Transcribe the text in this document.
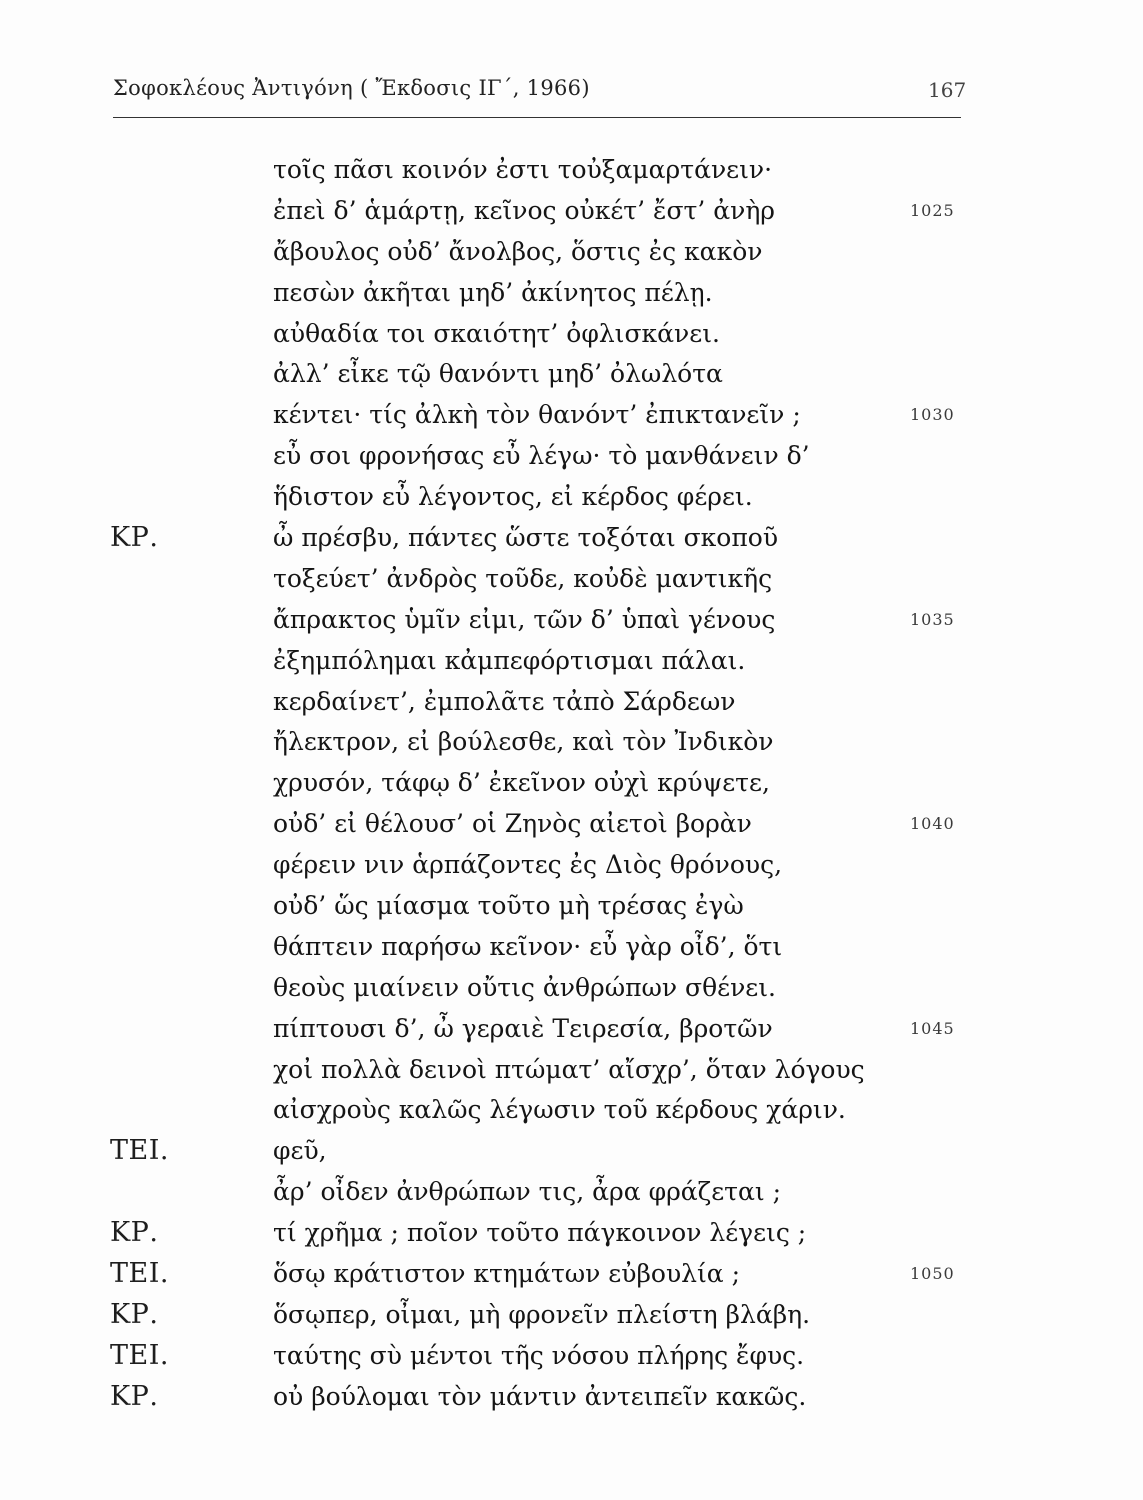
Σοφοκλέους Ἀντιγόνη ( Ἔκδοσις ΙΓ΄, 1966)	167
τοῖς πᾶσι κοινόν ἐστι τοὐξαμαρτάνειν·
ἐπεὶ δ’ ἁμάρτῃ, κεῖνος οὐκέτ’ ἔστ’ ἀνὴρ	1025
ἄβουλος οὐδ’ ἄνολβος, ὅστις ἐς κακὸν
πεσὼν ἀκῆται μηδ’ ἀκίνητος πέλῃ.
αὐθαδία τοι σκαιότητ’ ὀφλισκάνει.
ἀλλ’ εἶκε τῷ θανόντι μηδ’ ὀλωλότα
κέντει· τίς ἀλκὴ τὸν θανόντ’ ἐπικτανεῖν ;	1030
εὖ σοι φρονήσας εὖ λέγω· τὸ μανθάνειν δ’
ἥδιστον εὖ λέγοντος, εἰ κέρδος φέρει.
ΚΡ.	ὦ πρέσβυ, πάντες ὥστε τοξόται σκοποῦ
τοξεύετ’ ἀνδρὸς τοῦδε, κοὐδὲ μαντικῆς
ἄπρακτος ὑμῖν εἰμι, τῶν δ’ ὑπαὶ γένους	1035
ἐξημπόλημαι κἀμπεφόρτισμαι πάλαι.
κερδαίνετ’, ἐμπολᾶτε τἀπὸ Σάρδεων
ἤλεκτρον, εἰ βούλεσθε, καὶ τὸν Ἰνδικὸν
χρυσόν, τάφῳ δ’ ἐκεῖνον οὐχὶ κρύψετε,
οὐδ’ εἰ θέλουσ’ οἱ Ζηνὸς αἰετοὶ βορὰν	1040
φέρειν νιν ἁρπάζοντες ἐς Διὸς θρόνους,
οὐδ’ ὥς μίασμα τοῦτο μὴ τρέσας ἐγὼ
θάπτειν παρήσω κεῖνον· εὖ γὰρ οἶδ’, ὅτι
θεοὺς μιαίνειν οὔτις ἀνθρώπων σθένει.
πίπτουσι δ’, ὦ γεραιὲ Τειρεσία, βροτῶν	1045
χοἰ πολλὰ δεινοὶ πτώματ’ αἴσχρ’, ὅταν λόγους
αἰσχροὺς καλῶς λέγωσιν τοῦ κέρδους χάριν.
ΤΕΙ.	φεῦ,
ἆρ’ οἶδεν ἀνθρώπων τις, ἆρα φράζεται ;
ΚΡ.	τί χρῆμα ; ποῖον τοῦτο πάγκοινον λέγεις ;
ΤΕΙ.	ὅσῳ κράτιστον κτημάτων εὐβουλία ;	1050
ΚΡ.	ὅσῳπερ, οἶμαι, μὴ φρονεῖν πλείστη βλάβη.
ΤΕΙ.	ταύτης σὺ μέντοι τῆς νόσου πλήρης ἔφυς.
ΚΡ.	οὐ βούλομαι τὸν μάντιν ἀντειπεῖν κακῶς.
